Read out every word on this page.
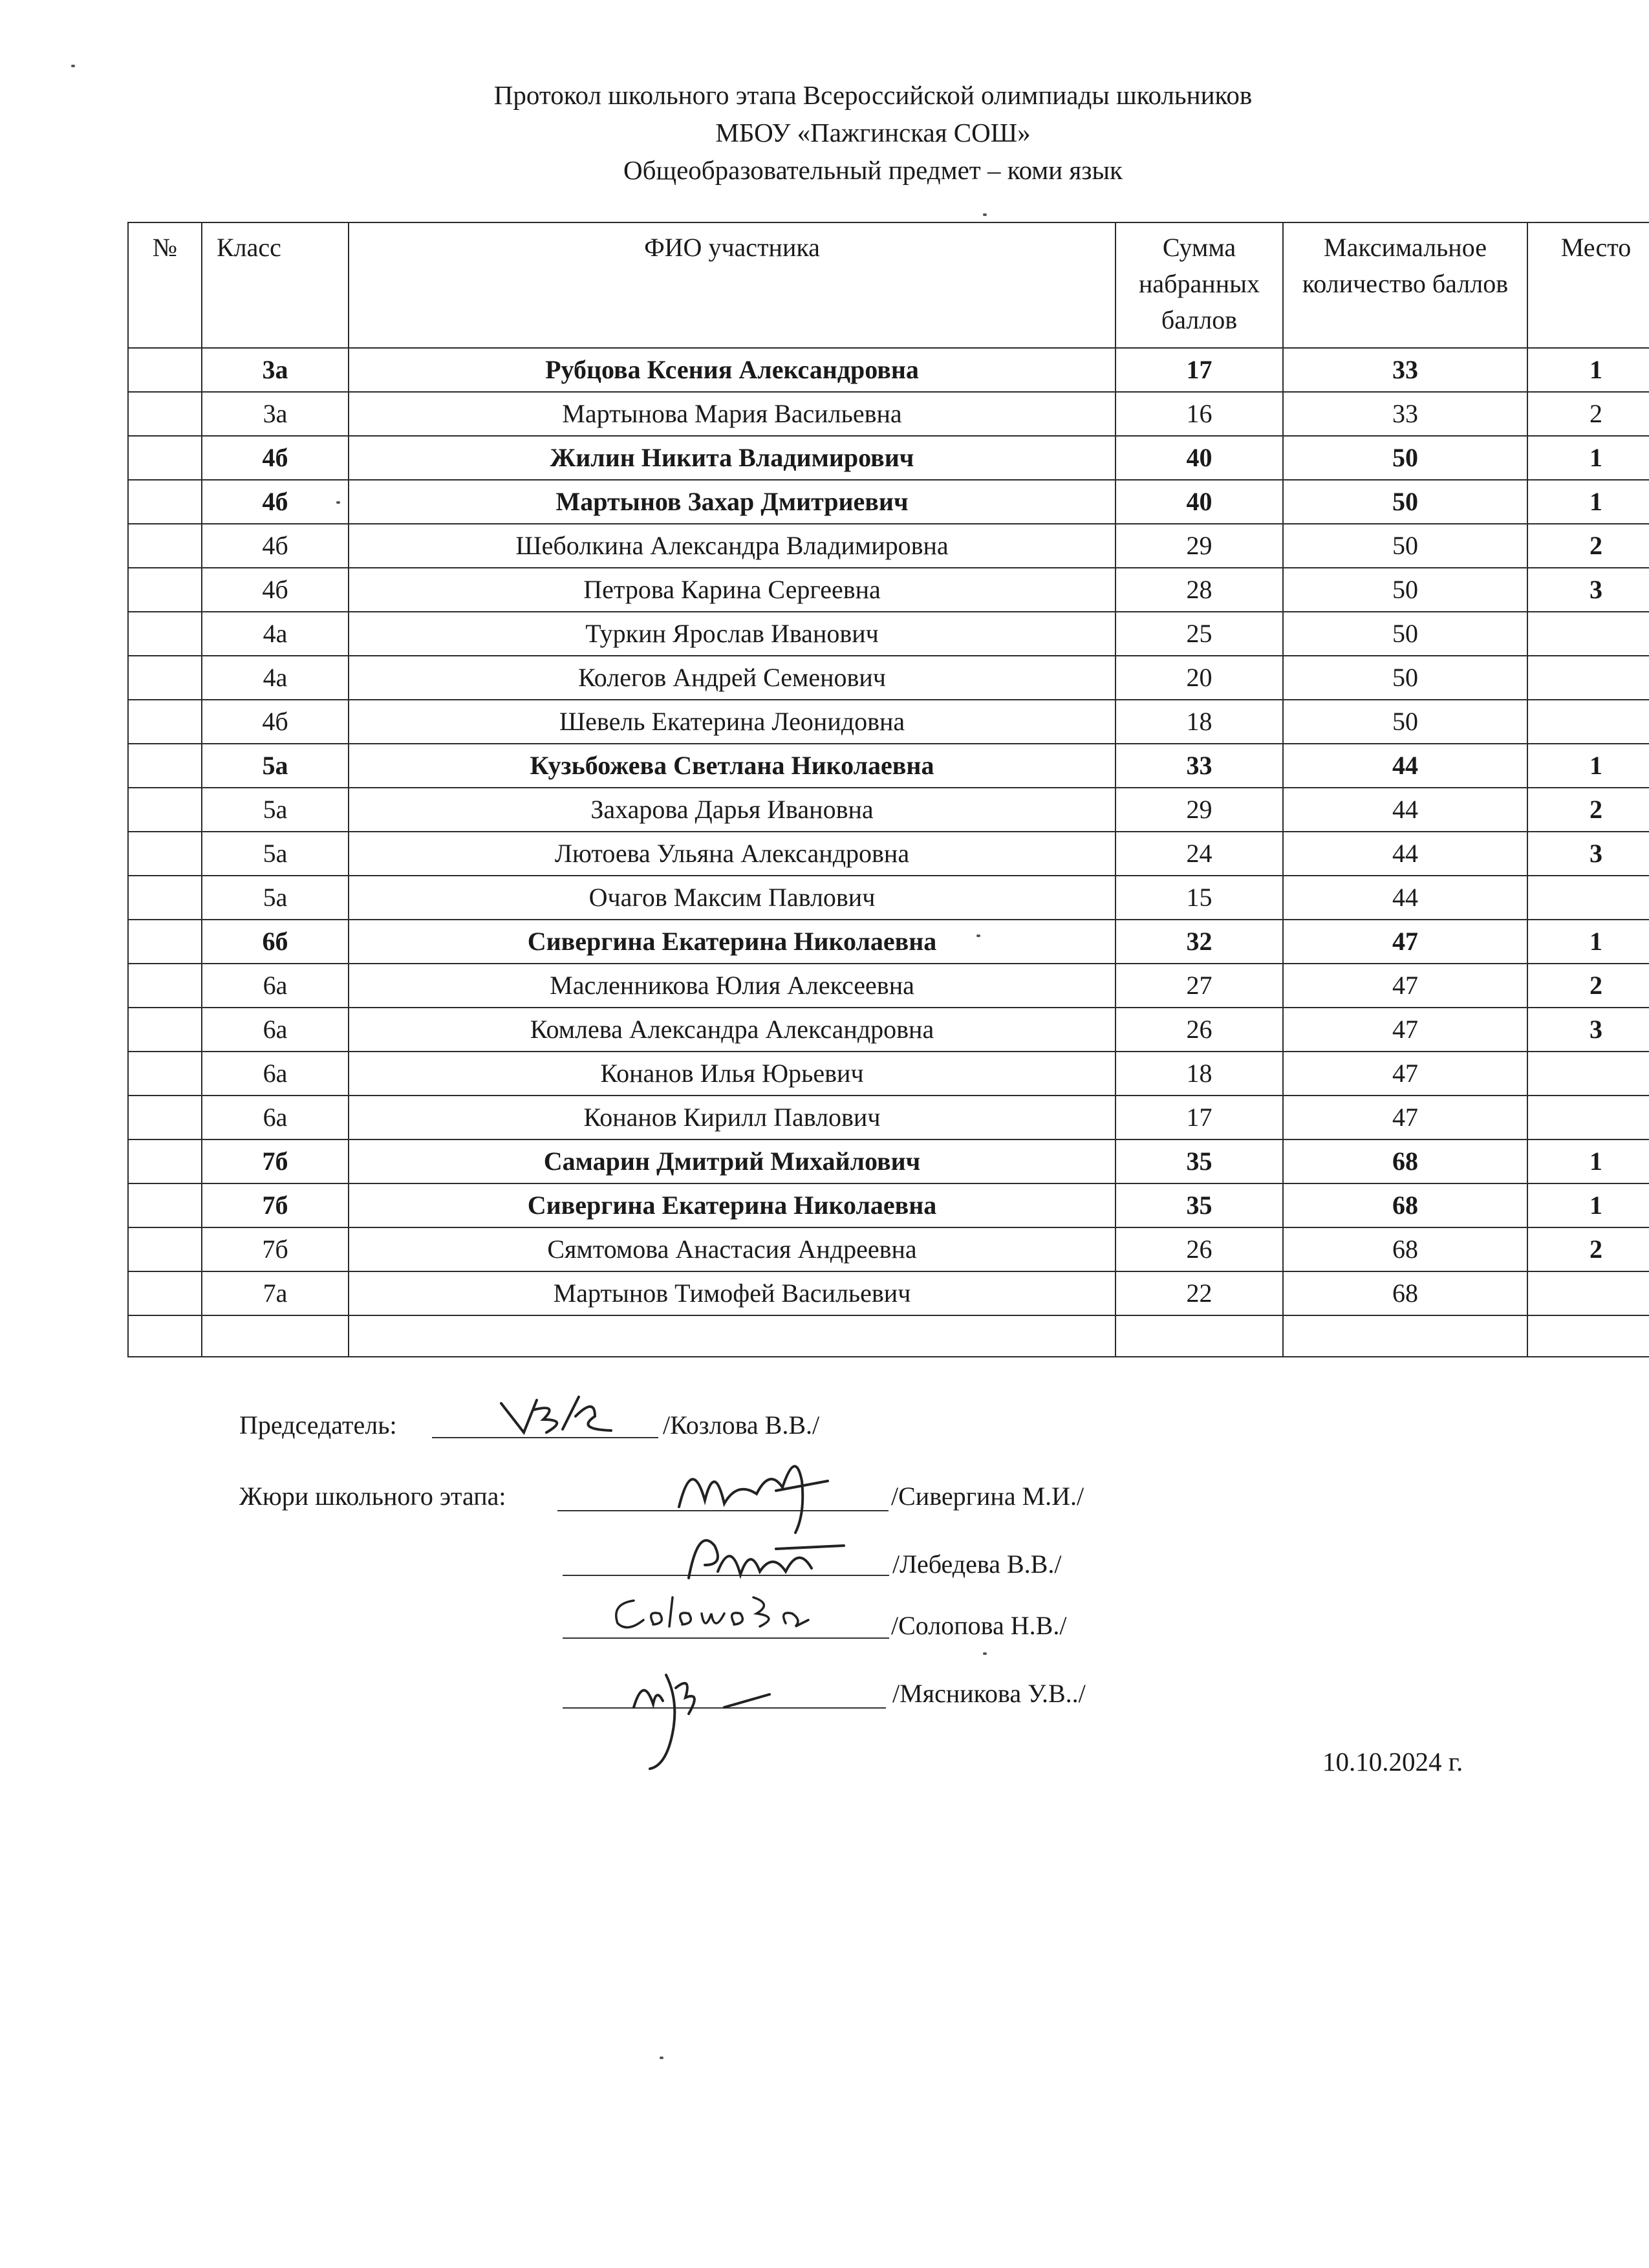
Протокол школьного этапа Всероссийской олимпиады школьников
МБОУ «Пажгинская СОШ»
Общеобразовательный предмет – коми язык
№	Класс	ФИО участника	Сумма набранных баллов	Максимальное количество баллов	Место
	3а	Рубцова Ксения Александровна	17	33	1
	3а	Мартынова Мария Васильевна	16	33	2
	4б	Жилин Никита Владимирович	40	50	1
	4б	Мартынов Захар Дмитриевич	40	50	1
	4б	Шеболкина Александра Владимировна	29	50	2
	4б	Петрова Карина Сергеевна	28	50	3
	4а	Туркин Ярослав Иванович	25	50	
	4а	Колегов Андрей Семенович	20	50	
	4б	Шевель Екатерина Леонидовна	18	50	
	5а	Кузьбожева Светлана Николаевна	33	44	1
	5а	Захарова Дарья Ивановна	29	44	2
	5а	Лютоева Ульяна Александровна	24	44	3
	5а	Очагов Максим Павлович	15	44	
	6б	Сивергина Екатерина Николаевна	32	47	1
	6а	Масленникова Юлия Алексеевна	27	47	2
	6а	Комлева Александра Александровна	26	47	3
	6а	Конанов Илья Юрьевич	18	47	
	6а	Конанов Кирилл Павлович	17	47	
	7б	Самарин Дмитрий Михайлович	35	68	1
	7б	Сивергина Екатерина Николаевна	35	68	1
	7б	Сямтомова Анастасия Андреевна	26	68	2
	7а	Мартынов Тимофей Васильевич	22	68	

Председатель:	/Козлова В.В./
Жюри школьного этапа:	/Сивергина М.И./
/Лебедева В.В./
/Солопова Н.В./
/Мясникова У.В../
10.10.2024 г.
